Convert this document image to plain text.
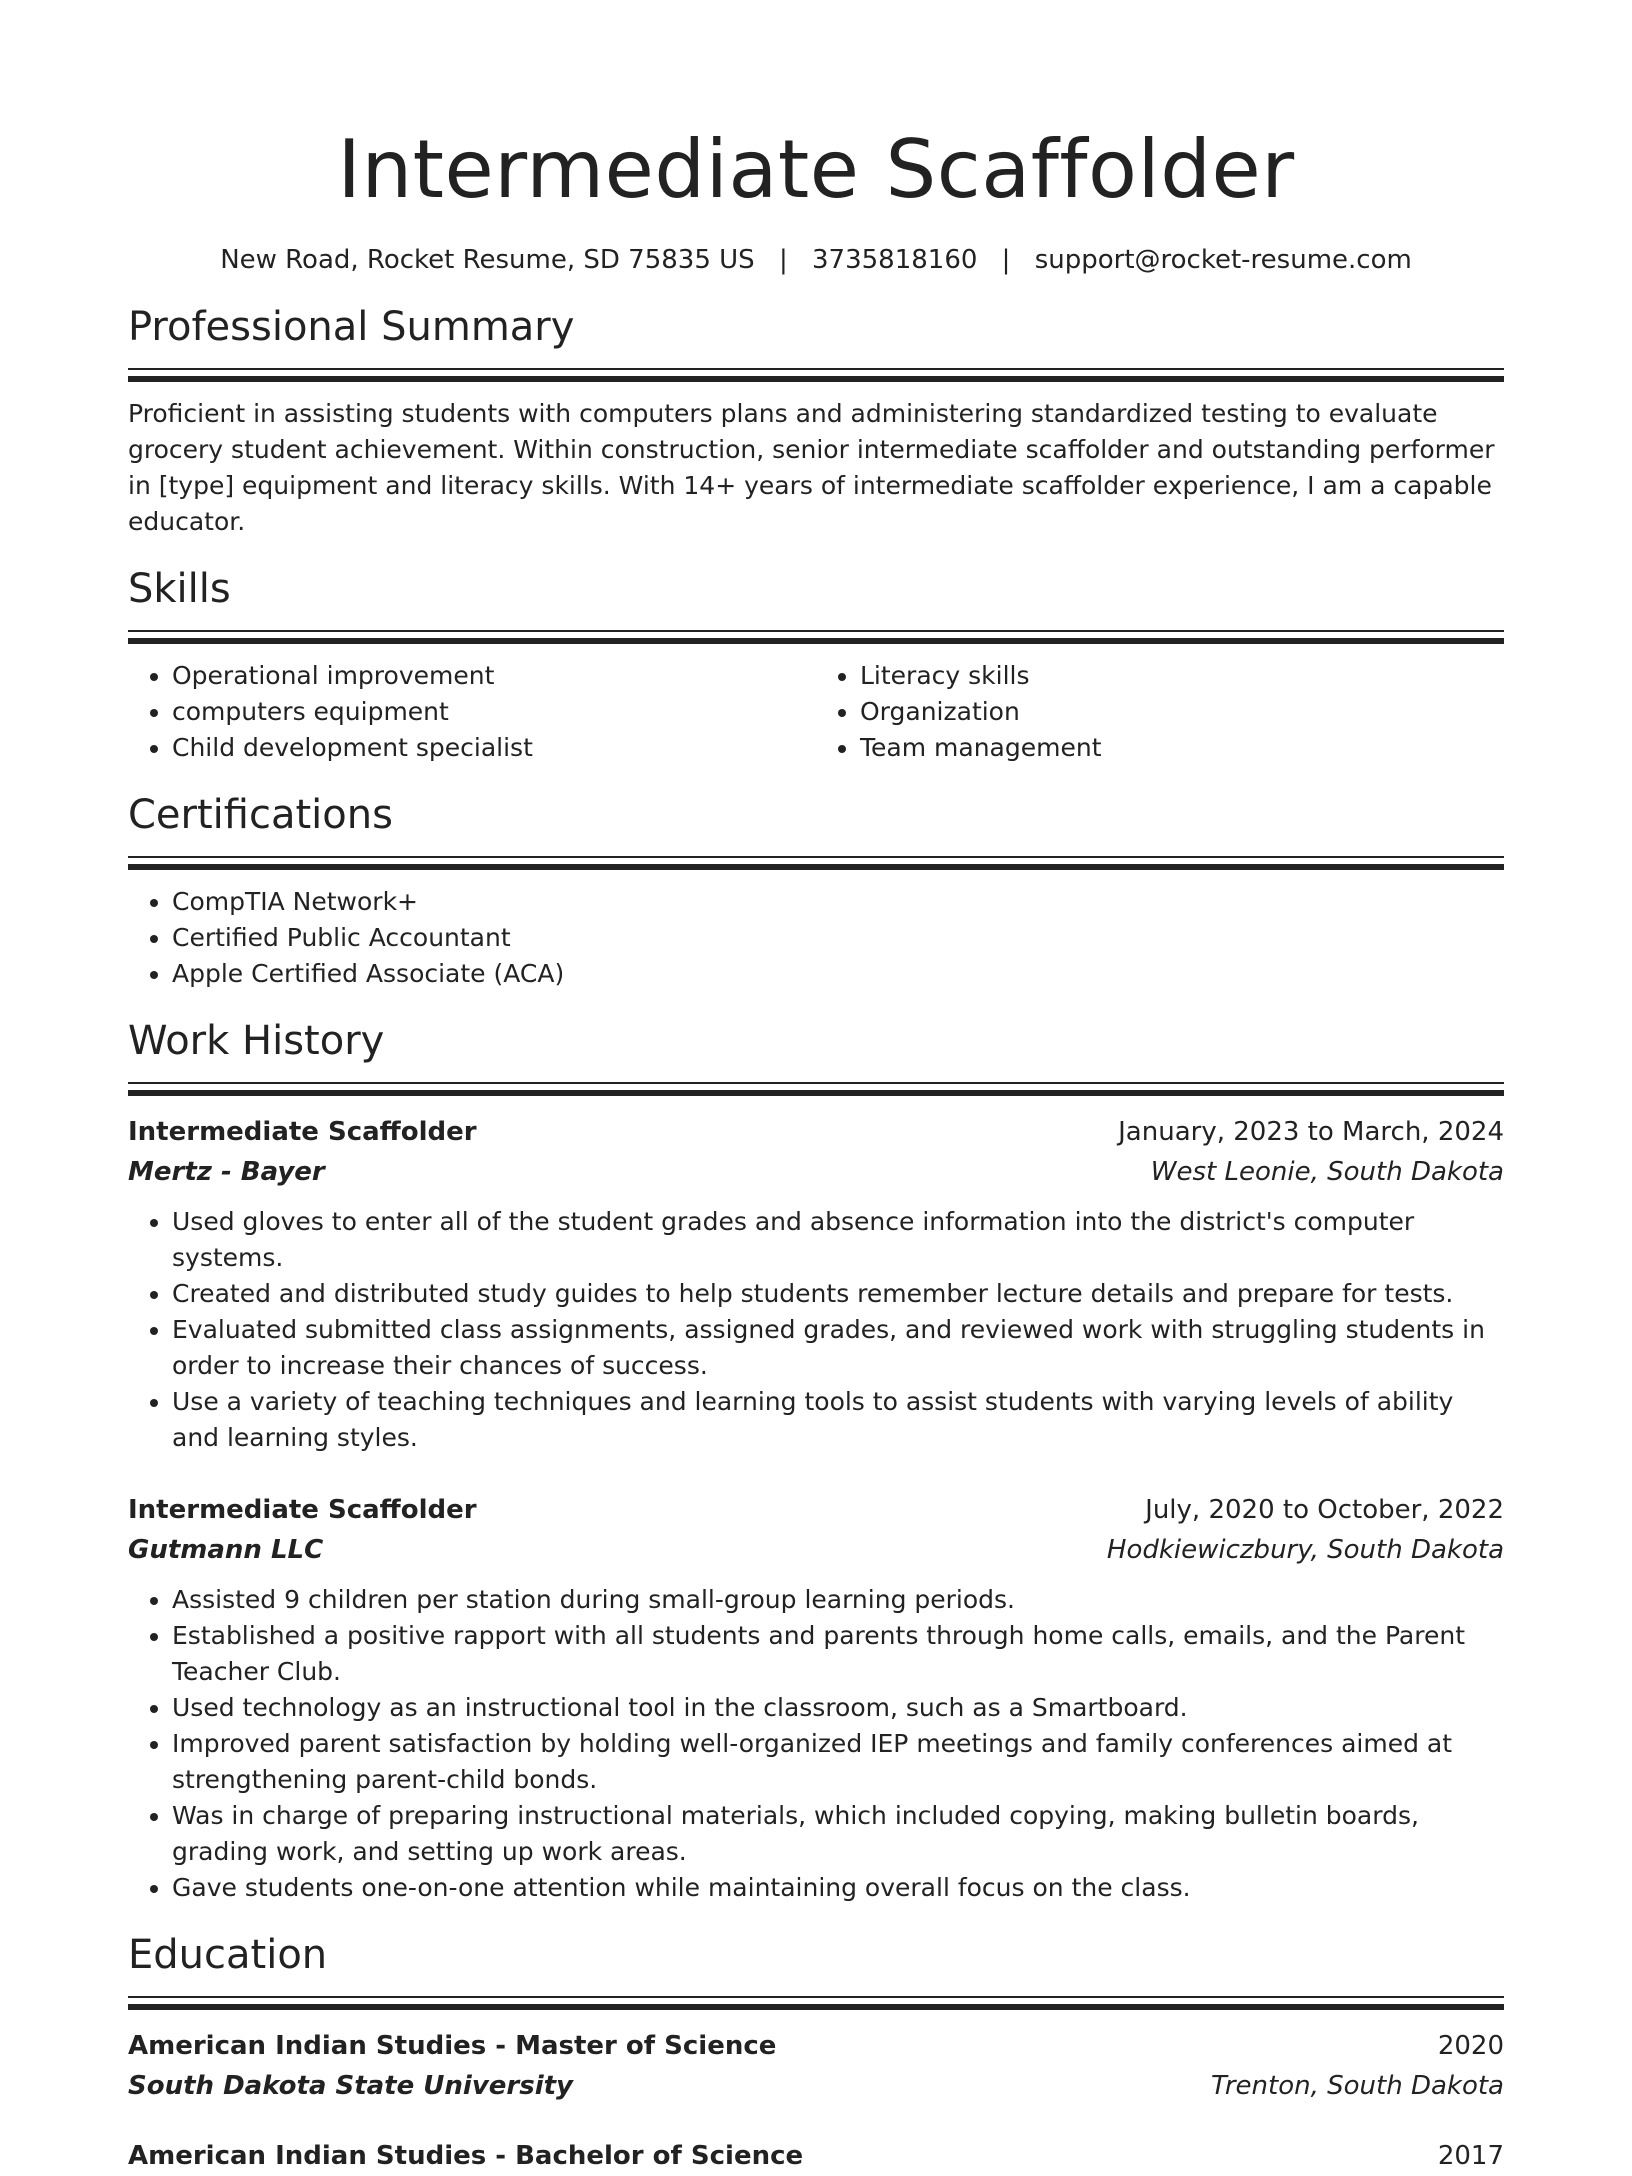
Intermediate Scaffolder
New Road, Rocket Resume, SD 75835 US | 3735818160 | support@rocket-resume.com
Professional Summary

Proficient in assisting students with computers plans and administering standardized testing to evaluate grocery student achievement. Within construction, senior intermediate scaffolder and outstanding performer in [type] equipment and literacy skills. With 14+ years of intermediate scaffolder experience, I am a capable educator.

Skills
• Operational improvement
• computers equipment
• Child development specialist
• Literacy skills
• Organization
• Team management
Certifications
• CompTIA Network+
• Certified Public Accountant
• Apple Certified Associate (ACA)
Work History
Intermediate Scaffolder	January, 2023 to March, 2024
Mertz - Bayer	West Leonie, South Dakota
• Used gloves to enter all of the student grades and absence information into the district's computer systems.
• Created and distributed study guides to help students remember lecture details and prepare for tests.
• Evaluated submitted class assignments, assigned grades, and reviewed work with struggling students in order to increase their chances of success.
• Use a variety of teaching techniques and learning tools to assist students with varying levels of ability and learning styles.
Intermediate Scaffolder	July, 2020 to October, 2022
Gutmann LLC	Hodkiewiczbury, South Dakota
• Assisted 9 children per station during small-group learning periods.
• Established a positive rapport with all students and parents through home calls, emails, and the Parent Teacher Club.
• Used technology as an instructional tool in the classroom, such as a Smartboard.
• Improved parent satisfaction by holding well-organized IEP meetings and family conferences aimed at strengthening parent-child bonds.
• Was in charge of preparing instructional materials, which included copying, making bulletin boards, grading work, and setting up work areas.
• Gave students one-on-one attention while maintaining overall focus on the class.
Education
American Indian Studies - Master of Science	2020
South Dakota State University	Trenton, South Dakota
American Indian Studies - Bachelor of Science	2017
